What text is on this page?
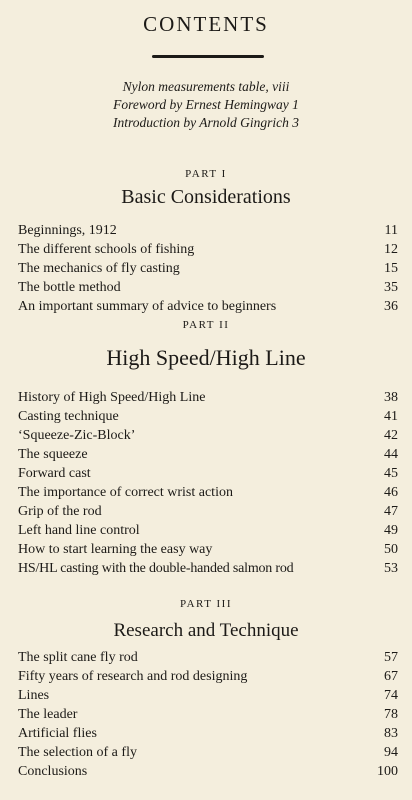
CONTENTS
Nylon measurements table, viii
Foreword by Ernest Hemingway 1
Introduction by Arnold Gingrich 3
PART I
Basic Considerations
Beginnings, 1912	11
The different schools of fishing	12
The mechanics of fly casting	15
The bottle method	35
An important summary of advice to beginners	36
PART II
High Speed/High Line
History of High Speed/High Line	38
Casting technique	41
‘Squeeze-Zic-Block’	42
The squeeze	44
Forward cast	45
The importance of correct wrist action	46
Grip of the rod	47
Left hand line control	49
How to start learning the easy way	50
HS/HL casting with the double-handed salmon rod	53
PART III
Research and Technique
The split cane fly rod	57
Fifty years of research and rod designing	67
Lines	74
The leader	78
Artificial flies	83
The selection of a fly	94
Conclusions	100
